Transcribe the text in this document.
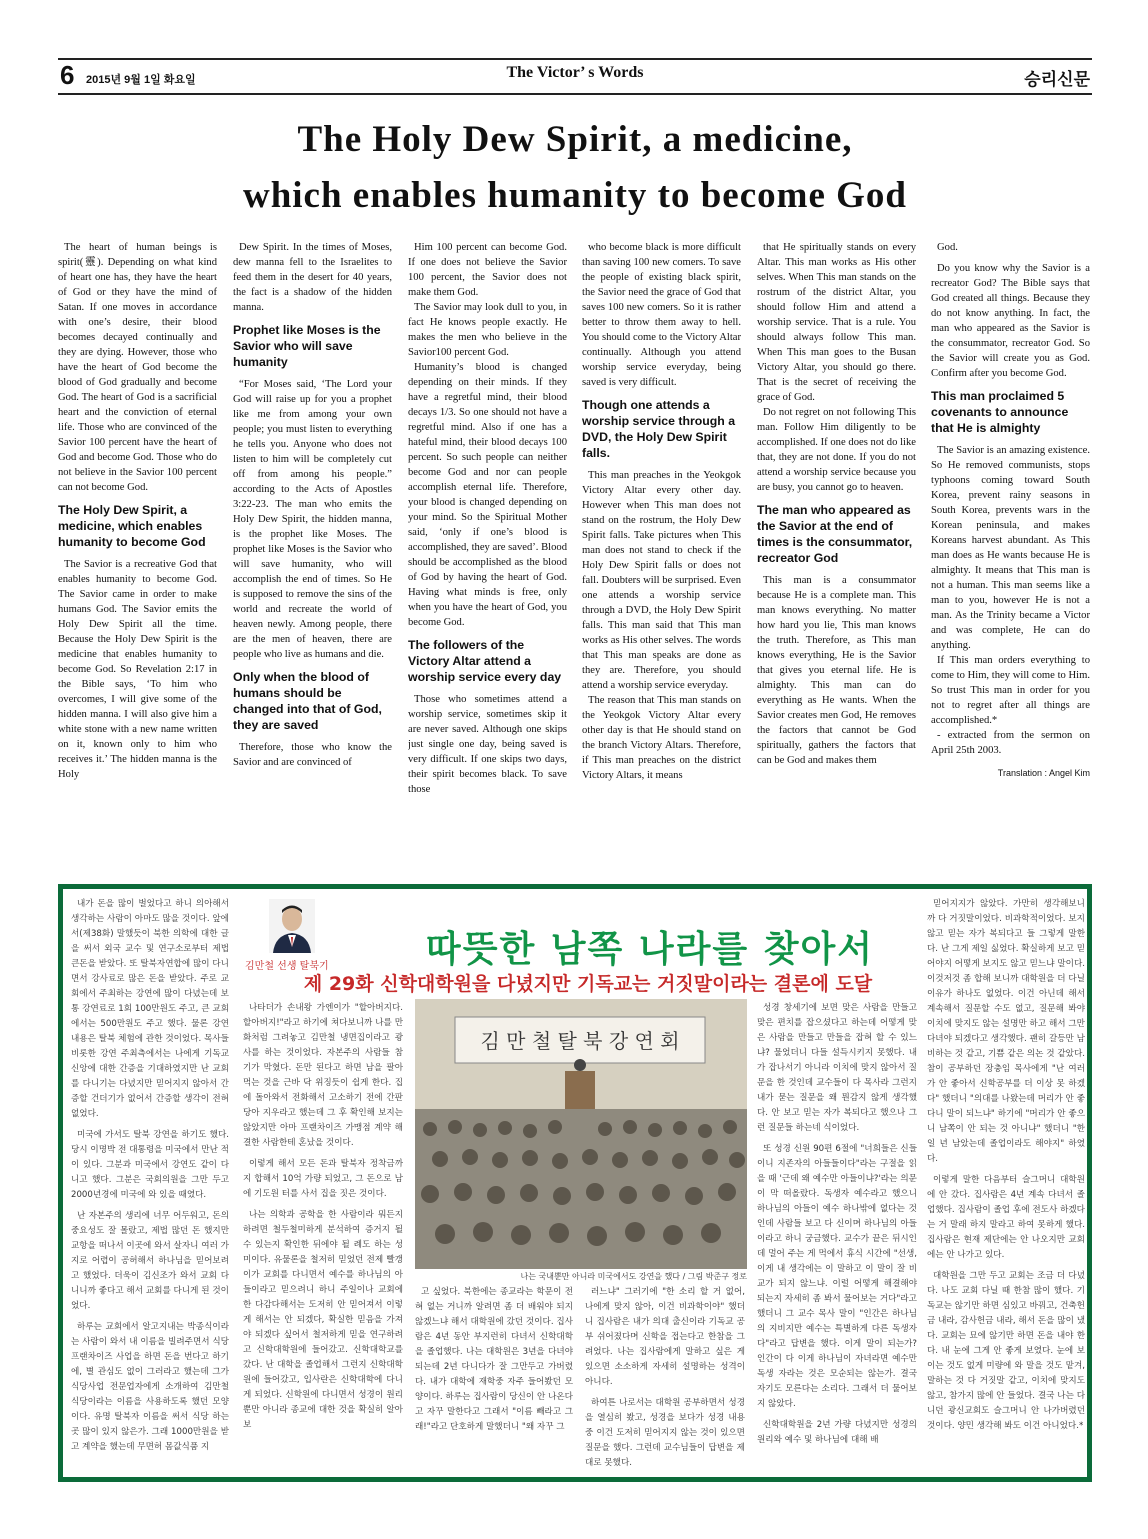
6 2015년 9월 1일 화요일	The Victor’ s Words	승리신문
The Holy Dew Spirit, a medicine,
which enables humanity to become God

The heart of human beings is spirit(靈). Depending on what kind of heart one has, they have the heart of God or they have the mind of Satan. If one moves in accordance with one’s desire, their blood becomes decayed continually and they are dying. However, those who have the heart of God become the blood of God gradually and become God. The heart of God is a sacrificial heart and the conviction of eternal life. Those who are convinced of the Savior 100 percent have the heart of God and become God. Those who do not believe in the Savior 100 percent can not become God.

The Holy Dew Spirit, a medicine, which enables humanity to become God

The Savior is a recreative God that enables humanity to become God. The Savior came in order to make humans God. The Savior emits the Holy Dew Spirit all the time. Because the Holy Dew Spirit is the medicine that enables humanity to become God. So Revelation 2:17 in the Bible says, ‘To him who overcomes, I will give some of the hidden manna. I will also give him a white stone with a new name written on it, known only to him who receives it.’ The hidden manna is the Holy

Dew Spirit. In the times of Moses, dew manna fell to the Israelites to feed them in the desert for 40 years, the fact is a shadow of the hidden manna.

Prophet like Moses is the Savior who will save humanity

“For Moses said, ‘The Lord your God will raise up for you a prophet like me from among your own people; you must listen to everything he tells you. Anyone who does not listen to him will be completely cut off from among his people.” according to the Acts of Apostles 3:22-23. The man who emits the Holy Dew Spirit, the hidden manna, is the prophet like Moses. The prophet like Moses is the Savior who will save humanity, who will accomplish the end of times. So He is supposed to remove the sins of the world and recreate the world of heaven newly. Among people, there are the men of heaven, there are people who live as humans and die.

Only when the blood of humans should be changed into that of God, they are saved

Therefore, those who know the Savior and are convinced of

Him 100 percent can become God. If one does not believe the Savior 100 percent, the Savior does not make them God.

The Savior may look dull to you, in fact He knows people exactly. He makes the men who believe in the Savior100 percent God.

Humanity’s blood is changed depending on their minds. If they have a regretful mind, their blood decays 1/3. So one should not have a regretful mind. Also if one has a hateful mind, their blood decays 100 percent. So such people can neither become God and nor can people accomplish eternal life. Therefore, your blood is changed depending on your mind. So the Spiritual Mother said, ‘only if one’s blood is accomplished, they are saved’. Blood should be accomplished as the blood of God by having the heart of God. Having what minds is free, only when you have the heart of God, you become God.

The followers of the Victory Altar attend a worship service every day

Those who sometimes attend a worship service, sometimes skip it are never saved. Although one skips just single one day, being saved is very difficult. If one skips two days, their spirit becomes black. To save those

who become black is more difficult than saving 100 new comers. To save the people of existing black spirit, the Savior need the grace of God that saves 100 new comers. So it is rather better to throw them away to hell. You should come to the Victory Altar continually. Although you attend worship service everyday, being saved is very difficult.

Though one attends a worship service through a DVD, the Holy Dew Spirit falls.

This man preaches in the Yeokgok Victory Altar every other day. However when This man does not stand on the rostrum, the Holy Dew Spirit falls. Take pictures when This man does not stand to check if the Holy Dew Spirit falls or does not fall. Doubters will be surprised. Even one attends a worship service through a DVD, the Holy Dew Spirit falls. This man said that This man works as His other selves. The words that This man speaks are done as they are. Therefore, you should attend a worship service everyday.

The reason that This man stands on the Yeokgok Victory Altar every other day is that He should stand on the branch Victory Altars. Therefore, if This man preaches on the district Victory Altars, it means

that He spiritually stands on every Altar. This man works as His other selves. When This man stands on the rostrum of the district Altar, you should follow Him and attend a worship service. That is a rule. You should always follow This man. When This man goes to the Busan Victory Altar, you should go there. That is the secret of receiving the grace of God.

Do not regret on not following This man. Follow Him diligently to be accomplished. If one does not do like that, they are not done. If you do not attend a worship service because you are busy, you cannot go to heaven.

The man who appeared as the Savior at the end of times is the consummator, recreator God

This man is a consummator because He is a complete man. This man knows everything. No matter how hard you lie, This man knows the truth. Therefore, as This man knows everything, He is the Savior that gives you eternal life. He is almighty. This man can do everything as He wants. When the Savior creates men God, He removes the factors that cannot be God spiritually, gathers the factors that can be God and makes them

God.

Do you know why the Savior is a recreator God? The Bible says that God created all things. Because they do not know anything. In fact, the man who appeared as the Savior is the consummator, recreator God. So the Savior will create you as God. Confirm after you become God.

This man proclaimed 5 covenants to announce that He is almighty

The Savior is an amazing existence. So He removed communists, stops typhoons coming toward South Korea, prevent rainy seasons in South Korea, prevents wars in the Korean peninsula, and makes Koreans harvest abundant. As This man does as He wants because He is almighty. It means that This man is not a human. This man seems like a man to you, however He is not a man. As the Trinity became a Victor and was complete, He can do anything.

If This man orders everything to come to Him, they will come to Him. So trust This man in order for you not to regret after all things are accomplished.*

- extracted from the sermon on April 25th 2003.

Translation : Angel Kim

내가 돈을 많이 벌었다고 하니 의아해서 생각하는 사람이 아마도 많을 것이다. 앞에서(제38화) 말했듯이 북한 의학에 대한 글을 써서 외국 교수 및 연구소로부터 제법 큰돈을 받았다. 또 탈북자연합에 많이 다니면서 강사료로 많은 돈을 받았다. 주로 교회에서 주최하는 강연에 많이 다녔는데 보통 강연료로 1회 100만원도 주고, 큰 교회에서는 500만원도 주고 했다. 물론 강연 내용은 탈북 체험에 관한 것이었다. 목사들 비롯한 강연 주최측에서는 나에게 기독교 신앙에 대한 간증을 기대하였지만 난 교회를 다니기는 다녔지만 믿어지지 않아서 간증할 건더기가 없어서 간증할 생각이 전혀 없었다.

미국에 가서도 탈북 강연을 하기도 했다. 당시 이명박 전 대통령을 미국에서 만난 적이 있다. 그분과 미국에서 강연도 같이 다니고 했다. 그분은 국회의원을 그만 두고 2000년경에 미국에 와 있을 때였다.

난 자본주의 생리에 너무 어두워고, 돈의 중요성도 잘 몰랐고, 제법 많던 돈 했지만 교항을 떠나서 이곳에 와서 살자니 여러 가지로 어렵이 공허해서 하나님을 믿어보려고 했었다. 더욱이 김신조가 와서 교회 다니니까 좋다고 해서 교회를 다니게 된 것이었다.

하루는 교회에서 알고지내는 박종식이라는 사람이 와서 내 이름을 빌려주면서 식당 프랜차이즈 사업을 하면 돈을 번다고 하기에, 별 관심도 없이 그러라고 했는데 그가 식당사업 전문업자에게 소개하여 김만철 식당이라는 이름을 사용하도록 했던 모양이다. 유명 탈북자 이름을 써서 식당 하는 곳 많이 있지 않은가. 그래 1000만원을 받고 계약을 했는데 무면허 몸값식품 지

김만철 선생 탈북기	따뜻한 남쪽 나라를 찾아서
제 29화 신학대학원을 다녔지만 기독교는 거짓말이라는 결론에 도달

나타더가 손내왕 가엔이가 "할아버지다. 할아버지!"라고 하기에 쳐다보니까 나를 만화처럼 그려놓고 김만철 냉면집이라고 광사를 하는 것이었다. 자본주의 사람들 참 기가 막혔다. 돈만 된다고 하면 남을 팔아먹는 것을 근바 닥 위징듯이 쉽게 한다. 집에 돌아와서 전화해서 고소하기 전에 간판 당아 지우라고 했는데 그 후 확인해 보지는 않았지만 아마 프랜차이즈 가맹점 계약 해결한 사람한테 혼났을 것이다.

이렇게 해서 모든 돈과 탈북자 정착금까지 합해서 10억 가량 되었고, 그 돈으로 남에 기도원 터를 사서 집을 짓은 것이다.

나는 의학과 공학을 한 사람이라 뭐든지 하려면 철두철미하게 분석하여 증거지 될 수 있는지 확인한 뒤에야 될 례도 하는 성미이다. 유물론을 철저히 믿었던 전제 빨갱이가 교회를 다니면서 예수를 하나님의 아들이라고 믿으려니 하니 주일이나 교회에 한 다감다해서는 도저히 안 믿어져서 이렇게 해서는 안 되겠다, 확실한 믿음을 가져야 되겠다 싶어서 철저하게 믿을 연구하려고 신학대학원에 들어갔고. 신학대학교를 갔다. 난 대학을 졸업해서 그런지 신학대학원에 들어갔고, 입사란은 신학대학에 다니게 되었다. 신학원에 다니면서 성경이 원리뿐만 아니라 종교에 대한 것을 확실히 알아보

김 만 철 탈 북 강 연 회
나는 국내뿐만 아니라 미국에서도 강연을 했다 / 그림 박준구 정로

고 싶었다. 북한에는 종교라는 학문이 전혀 없는 거니까 알려면 좀 더 배워야 되지 않겠느냐 해서 대학원에 갔던 것이다. 집사람은 4년 동안 부지런히 다녀서 신학대학을 졸업했다. 나는 대학원은 3년을 다녀야 되는데 2년 다니다가 잘 그만두고 가버렸다. 내가 대학에 재학중 자주 들어봤던 모양이다. 하루는 집사람이 당신이 안 나온다고 자꾸 말한다고 그래서 "이름 빼라고 그래!"라고 단호하게 말했더니 "왜 자꾸 그

러느냐" 그러기에 "한 소리 할 거 없어, 나에게 맞지 않아, 이건 비과학이야" 했더니 집사람은 내가 의대 출신이라 기독교 공부 쉬어졌다며 신학을 접는다고 한참을 그려었다. 나는 집사람에게 말하고 싶은 게 있으면 소소하게 자세히 설명하는 성격이 아니다.

하여튼 나로서는 대학원 공부하면서 성경을 열심히 봤고, 성경을 보다가 성경 내용 중 이건 도저히 믿어지지 않는 것이 있으면 질문을 했다. 그런데 교수님들이 답변을 제대로 못했다.

성경 창세기에 보면 맞은 사람을 만들고 맞은 편치를 잡으셨다고 하는데 어떻게 맞은 사람을 만들고 만들을 잡혀 할 수 있느냐? 물었더니 다들 설득시키지 못했다. 내가 잡나서기 아니라 이치에 맞지 않아서 질문을 한 것인데 교수들이 다 목사라 그런지 내가 묻는 질문을 왜 뭔감지 않게 생각했다. 안 보고 믿는 자가 복되다고 했으나 그런 질문들 하는네 식이었다.

또 성경 신원 90편 6절에 "너희들은 신들이니 지존자의 아들들이다"라는 구절을 읽을 때 '근데 왜 예수만 아들이냐?'라는 의문이 막 떠올랐다. 독생자 예수라고 했으니 하나님의 아들이 예수 하나밖에 없다는 것인데 사람들 보고 다 신이며 하나님의 아들이라고 하니 궁금했다. 교수가 끝은 뒤시인데 멀어 주는 게 먹에서 휴식 시간에 "선생, 이게 내 생각에는 이 말하고 이 말이 잘 비교가 되지 않느냐. 이럴 어떻게 해결해야 되는지 자세히 좀 봐서 물어보는 거다"라고 했더니 그 교수 목사 말이 "인간은 하나님의 지비지만 예수는 특별하게 다른 독생자다"라고 답변을 했다. 이게 말이 되는가? 인간이 다 이게 하나님이 자녀라면 예수만 독생 자라는 것은 모순되는 않는가. 결국 자기도 모른다는 소리다. 그래서 더 물어보지 않았다.

신학대학원을 2년 가량 다녔지만 성경의 원리와 예수 및 하나님에 대해 배

믿어지지가 않았다. 가만히 생각해보니까 다 거짓말이었다. 비과학적이었다. 보지 않고 믿는 자가 복되다고 들 그렇게 말한다. 난 그게 제일 싫었다. 확실하게 보고 믿어야지 어떻게 보지도 않고 믿느냐 말이다. 이것저것 좀 합해 보니까 대학원을 더 다닐 이유가 하나도 없었다. 이건 아닌데 해서 계속해서 질문할 수도 없고, 질문해 봐야 이치에 맞지도 않는 설명만 하고 해서 그만 다녀야 되겠다고 생각했다. 괜히 갈등만 남비하는 것 같고, 기쁨 같은 의논 것 같았다. 참이 공부하던 장충임 목사에게 "난 여러가 안 좋아서 신학공부를 더 이상 못 하겠다" 했더니 "의대를 나왔는데 머리가 안 좋다니 말이 되느냐" 하기에 "머리가 안 좋으니 남쪽이 안 되는 것 아니냐" 했더니 "한 일 년 남았는데 졸업이라도 해야지" 하였다.

이렇게 말한 다음부터 슬그머니 대학원에 안 갔다. 집사람은 4년 계속 다녀서 졸업했다. 집사람이 졸업 후에 전도사 하겠다는 거 말래 하지 말라고 하여 못하게 했다. 집사람은 현재 제단에는 안 나오지만 교회에는 안 나가고 있다.

대학원을 그만 두고 교회는 조금 더 다녔다. 나도 교회 다닐 때 한참 많이 했다. 기독교는 않기만 하면 심있고 바꿔고, 건축헌금 내라, 감사헌금 내라, 해서 돈을 많이 냈다. 교회는 묘에 않기만 하면 돈을 내야 한다. 내 눈에 그게 안 좋게 보였다. 눈에 보이는 것도 없게 미량에 와 말을 것도 맡겨, 말하는 것 다 거짓말 같고, 이치에 맞지도 않고, 참가지 많에 안 들었다. 결국 나는 다니던 광신교회도 슬그머니 안 나가버렸던 것이다. 양민 생각해 봐도 이건 아니었다.*
